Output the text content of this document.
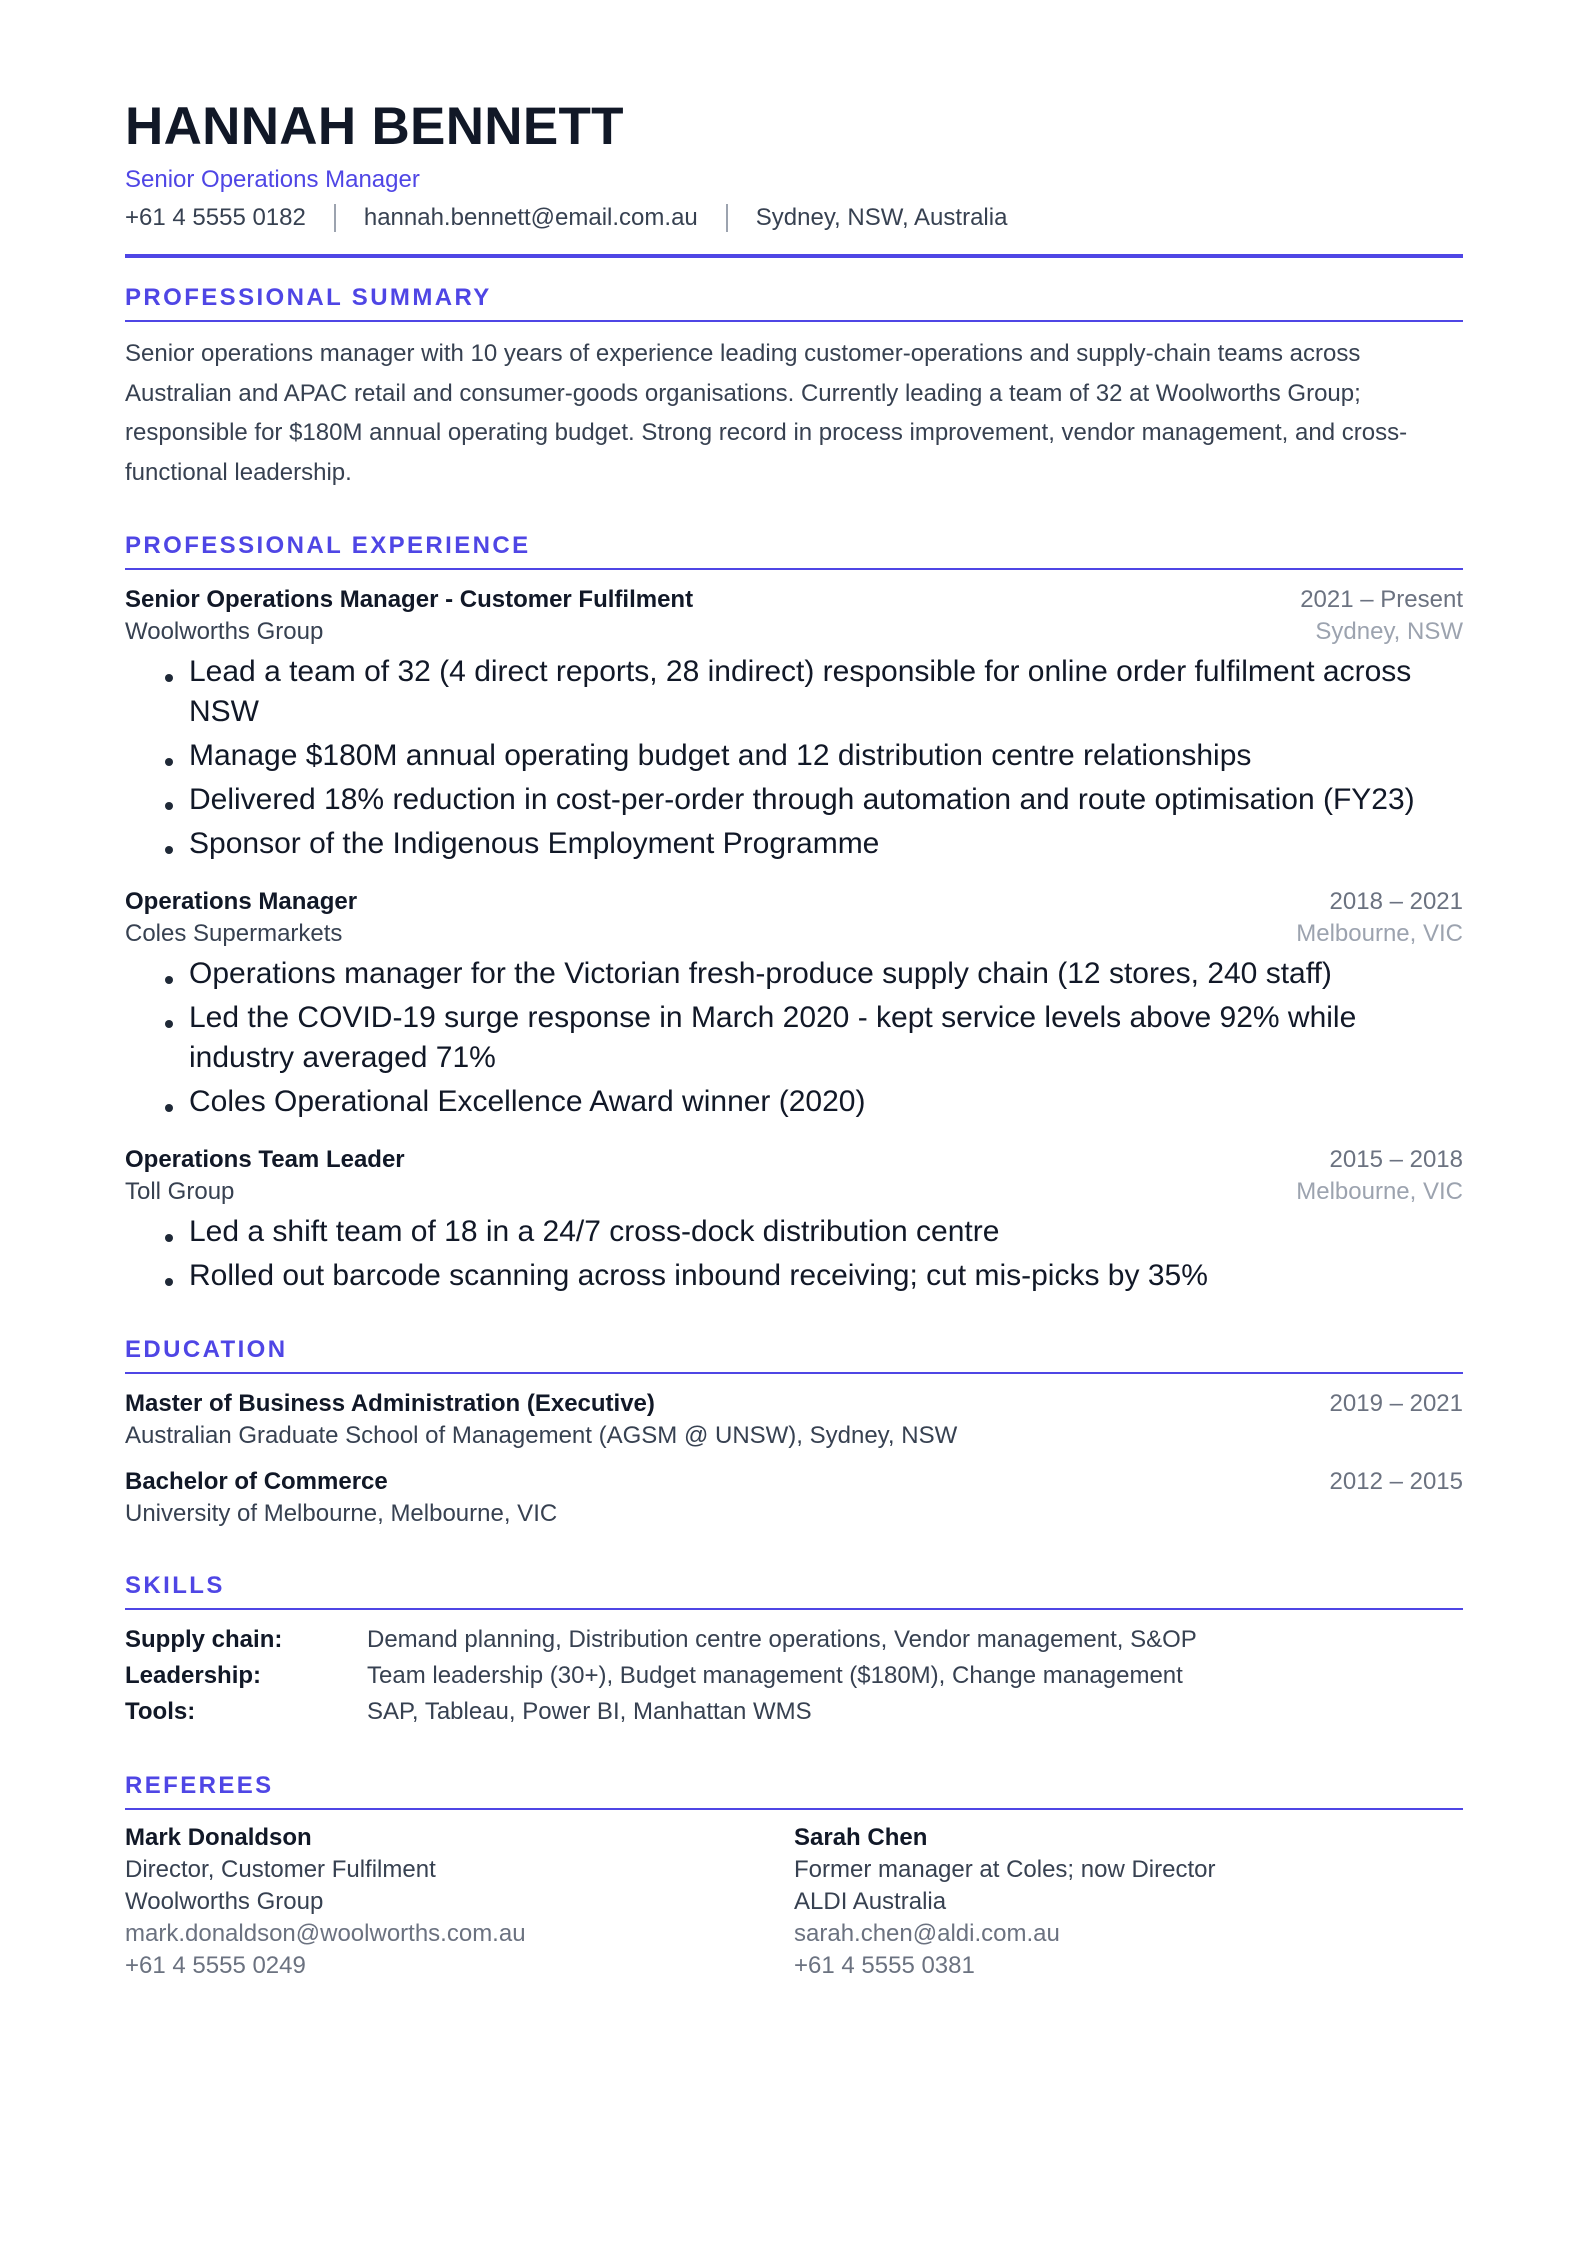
HANNAH BENNETT
Senior Operations Manager
+61 4 5555 0182 hannah.bennett@email.com.au Sydney, NSW, Australia
PROFESSIONAL SUMMARY
Senior operations manager with 10 years of experience leading customer-operations and supply-chain teams across Australian and APAC retail and consumer-goods organisations. Currently leading a team of 32 at Woolworths Group; responsible for $180M annual operating budget. Strong record in process improvement, vendor management, and cross-functional leadership.
PROFESSIONAL EXPERIENCE
Senior Operations Manager - Customer Fulfilment	2021 – Present
Woolworths Group	Sydney, NSW
Lead a team of 32 (4 direct reports, 28 indirect) responsible for online order fulfilment across NSW
Manage $180M annual operating budget and 12 distribution centre relationships
Delivered 18% reduction in cost-per-order through automation and route optimisation (FY23)
Sponsor of the Indigenous Employment Programme
Operations Manager	2018 – 2021
Coles Supermarkets	Melbourne, VIC
Operations manager for the Victorian fresh-produce supply chain (12 stores, 240 staff)
Led the COVID-19 surge response in March 2020 - kept service levels above 92% while industry averaged 71%
Coles Operational Excellence Award winner (2020)
Operations Team Leader	2015 – 2018
Toll Group	Melbourne, VIC
Led a shift team of 18 in a 24/7 cross-dock distribution centre
Rolled out barcode scanning across inbound receiving; cut mis-picks by 35%
EDUCATION
Master of Business Administration (Executive)	2019 – 2021
Australian Graduate School of Management (AGSM @ UNSW), Sydney, NSW
Bachelor of Commerce	2012 – 2015
University of Melbourne, Melbourne, VIC
SKILLS
Supply chain:	Demand planning, Distribution centre operations, Vendor management, S&OP
Leadership:	Team leadership (30+), Budget management ($180M), Change management
Tools:	SAP, Tableau, Power BI, Manhattan WMS
REFEREES
Mark Donaldson
Director, Customer Fulfilment
Woolworths Group
mark.donaldson@woolworths.com.au
+61 4 5555 0249
Sarah Chen
Former manager at Coles; now Director
ALDI Australia
sarah.chen@aldi.com.au
+61 4 5555 0381
